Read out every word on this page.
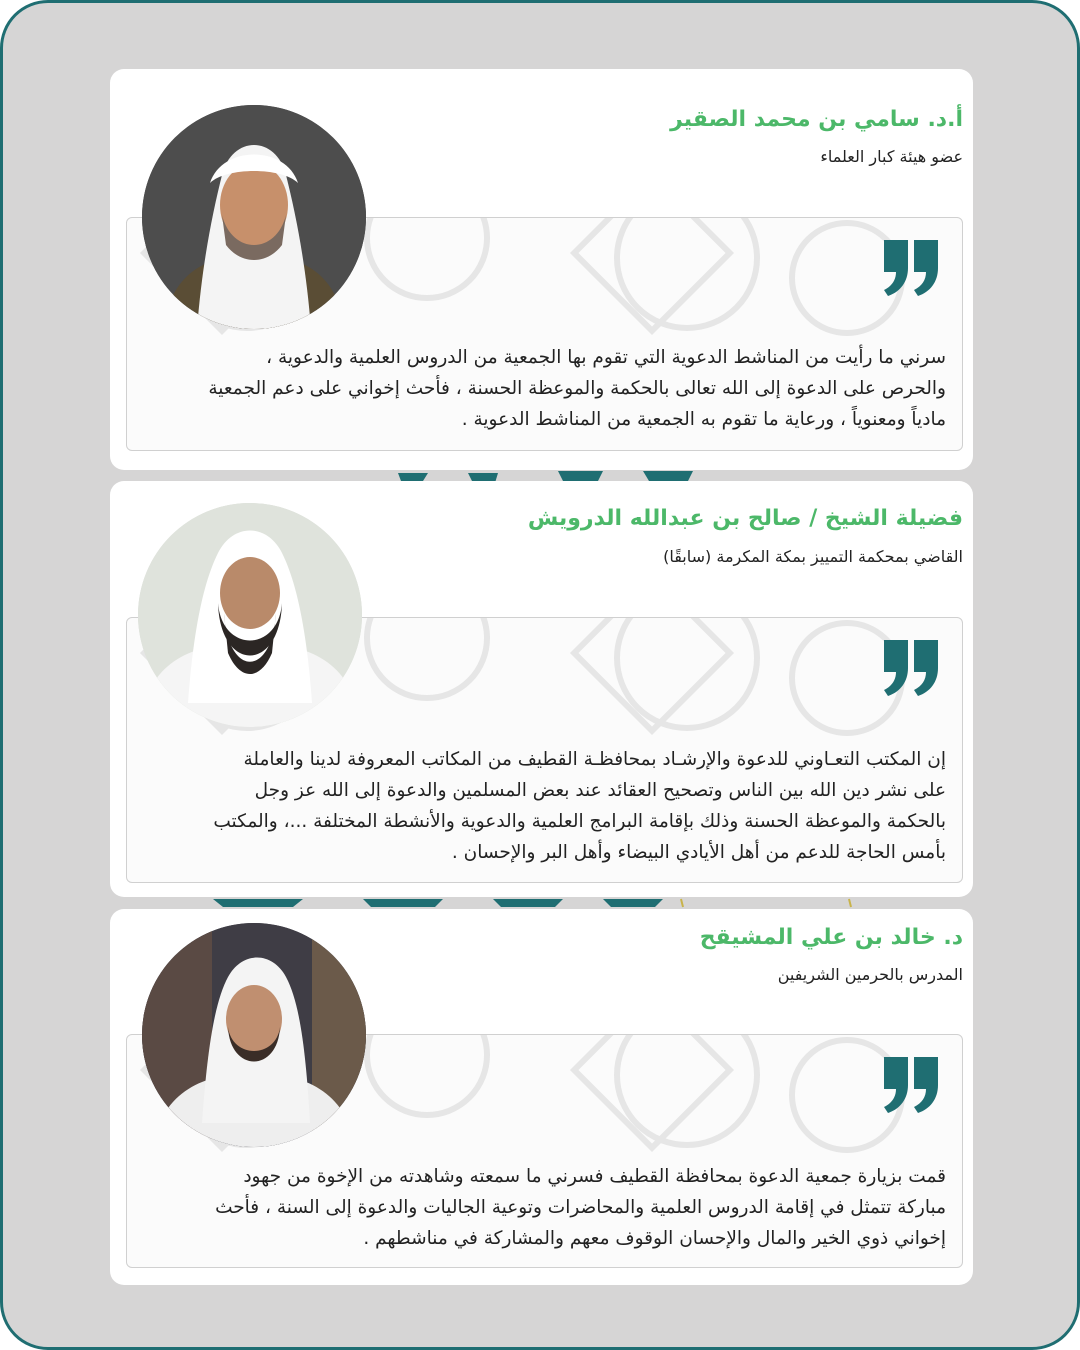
أ.د. سامي بن محمد الصقير
عضو هيئة كبار العلماء
سرني ما رأيت من المناشط الدعوية التي تقوم بها الجمعية من الدروس العلمية والدعوية ،
والحرص على الدعوة إلى الله تعالى بالحكمة والموعظة الحسنة ، فأحث إخواني على دعم الجمعية
مادياً ومعنوياً ، ورعاية ما تقوم به الجمعية من المناشط الدعوية .
فضيلة الشيخ / صالح بن عبدالله الدرويش
القاضي بمحكمة التمييز بمكة المكرمة (سابقًا)
إن المكتب التعـاوني للدعوة والإرشـاد بمحافظـة القطيف من المكاتب المعروفة لدينا والعاملة
على نشر دين الله بين الناس وتصحيح العقائد عند بعض المسلمين والدعوة إلى الله عز وجل
بالحكمة والموعظة الحسنة وذلك بإقامة البرامج العلمية والدعوية والأنشطة المختلفة ...، والمكتب
بأمس الحاجة للدعم من أهل الأيادي البيضاء وأهل البر والإحسان .
د. خالد بن علي المشيقح
المدرس بالحرمين الشريفين
قمت بزيارة جمعية الدعوة بمحافظة القطيف فسرني ما سمعته وشاهدته من الإخوة من جهود
مباركة تتمثل في إقامة الدروس العلمية والمحاضرات وتوعية الجاليات والدعوة إلى السنة ، فأحث
إخواني ذوي الخير والمال والإحسان الوقوف معهم والمشاركة في مناشطهم .
